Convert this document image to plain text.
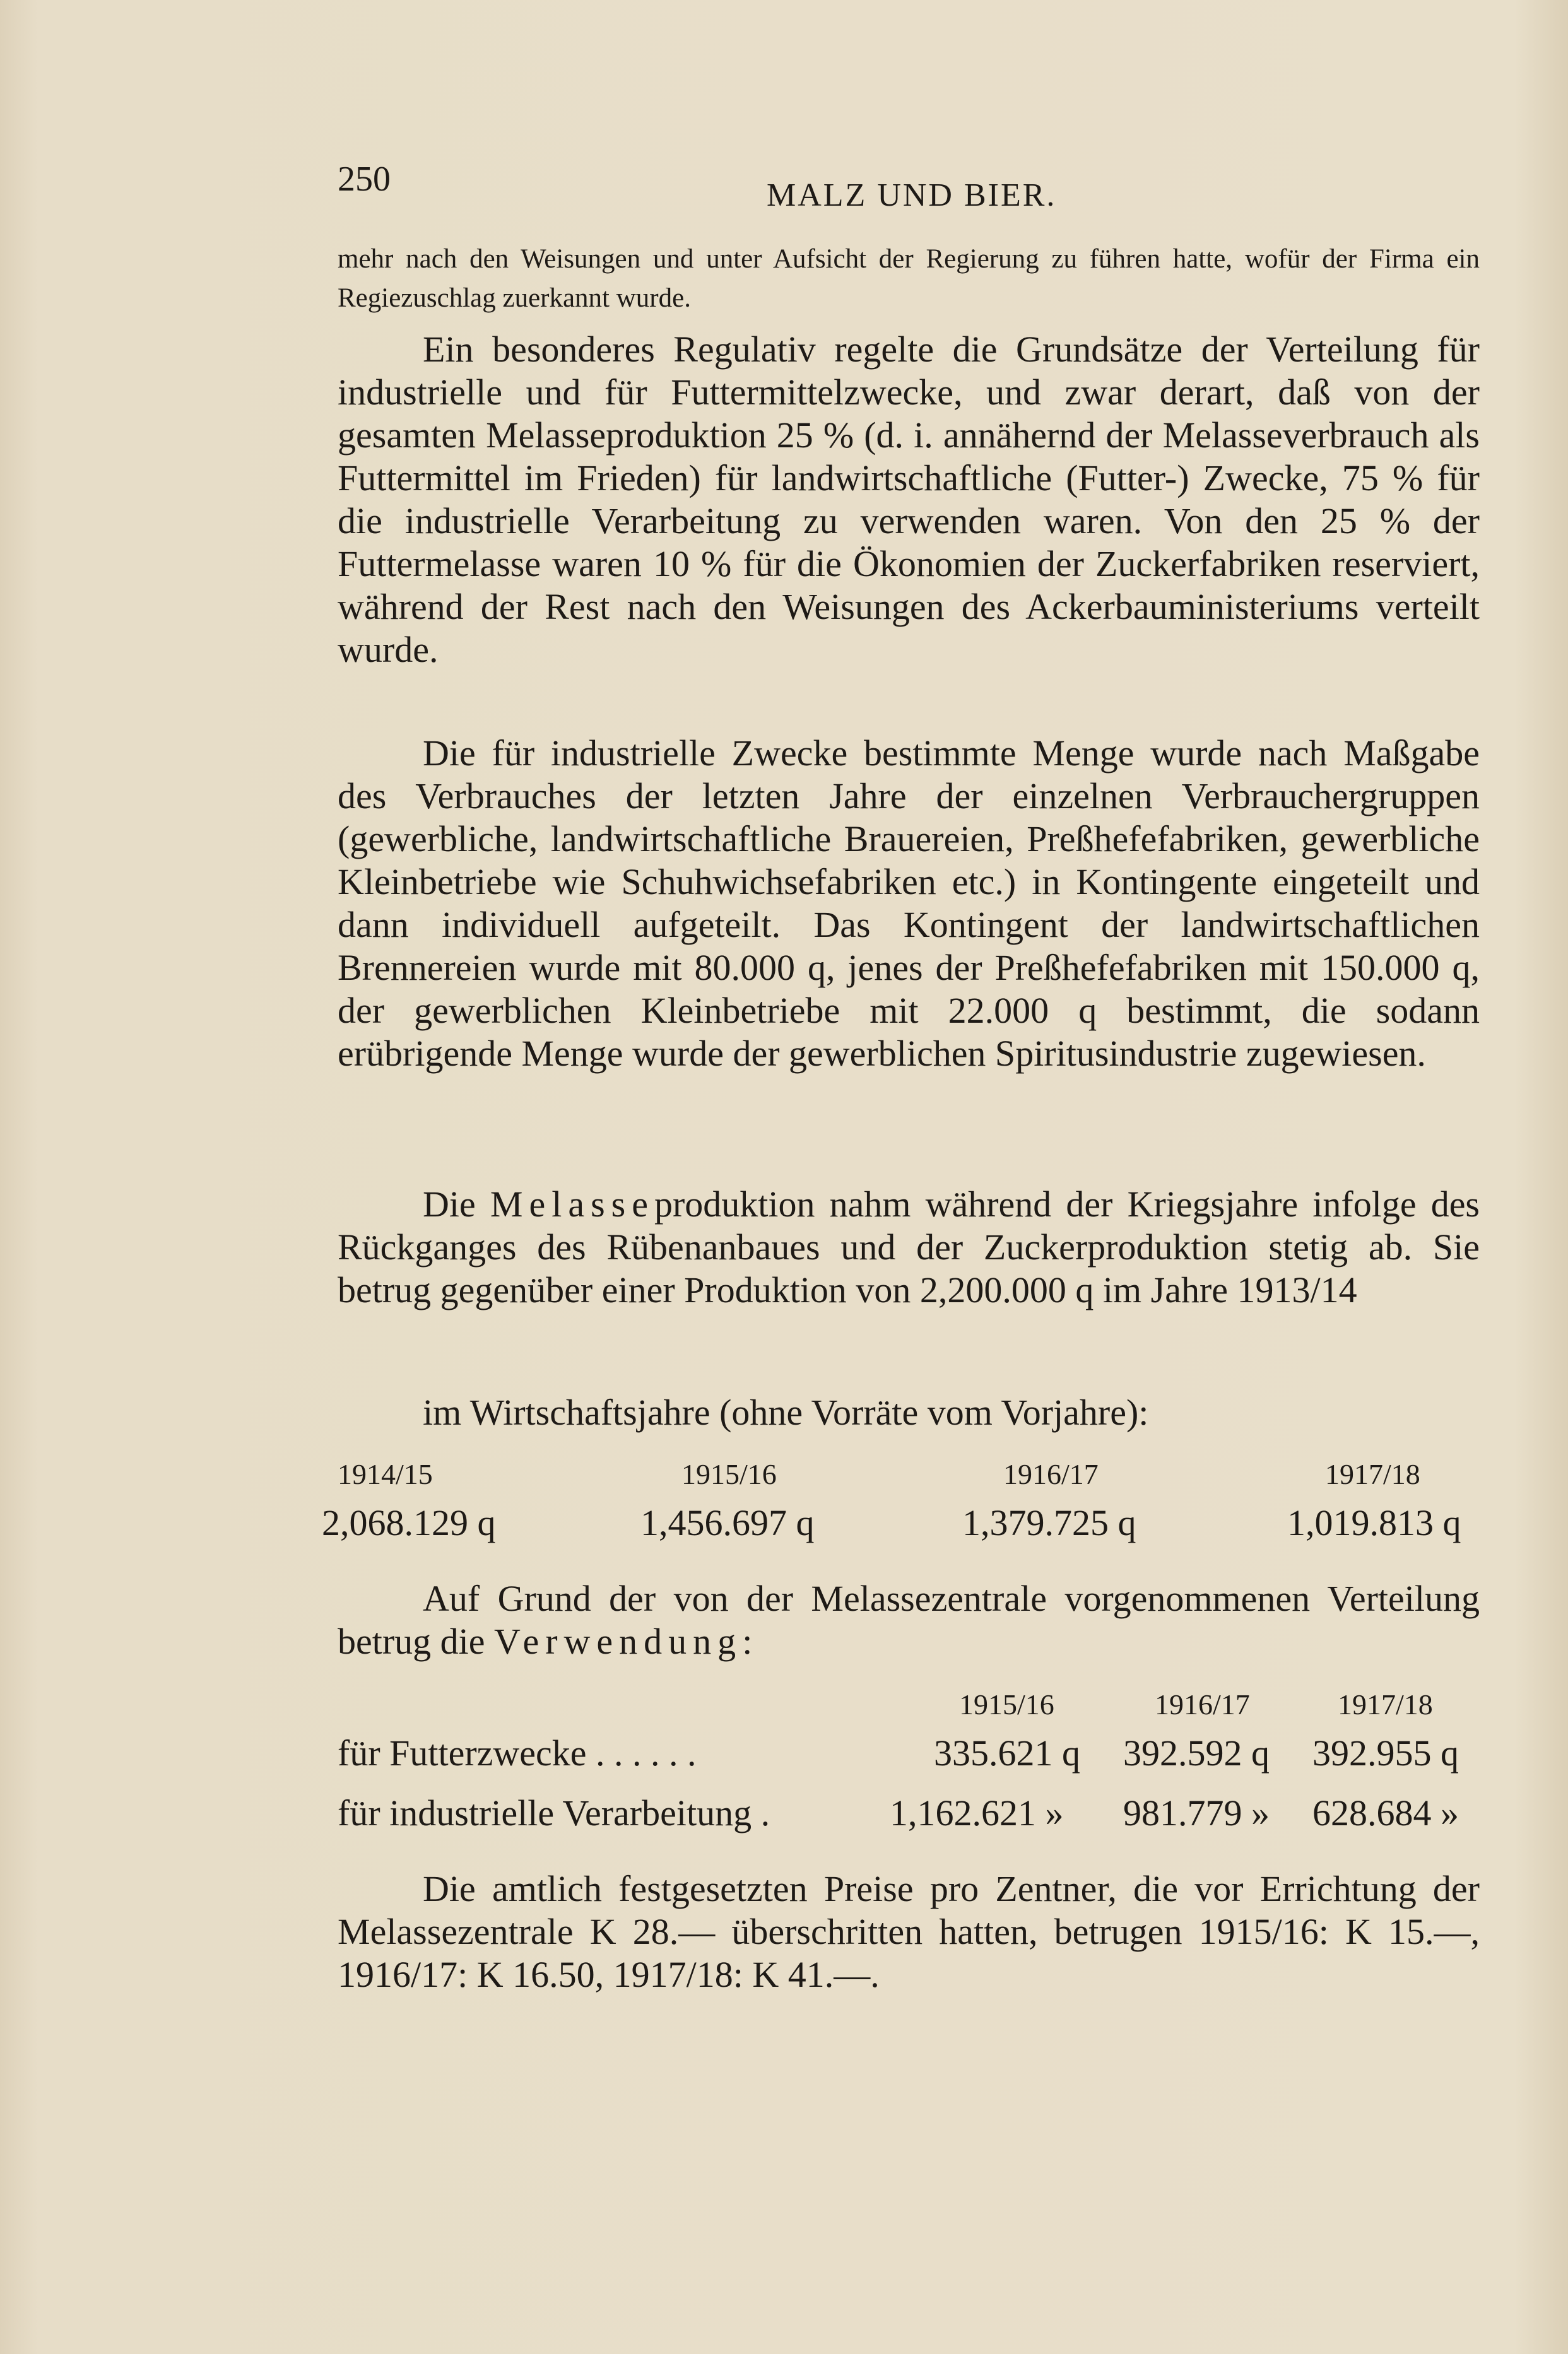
250	MALZ UND BIER.
mehr nach den Weisungen und unter Aufsicht der Regierung zu führen hatte, wofür der Firma ein Regiezuschlag zuerkannt wurde.
Ein besonderes Regulativ regelte die Grundsätze der Verteilung für industrielle und für Futtermittelzwecke, und zwar derart, daß von der gesamten Melasseproduktion 25 % (d. i. annähernd der Melasseverbrauch als Futtermittel im Frieden) für landwirtschaftliche (Futter-) Zwecke, 75 % für die industrielle Verarbeitung zu verwenden waren. Von den 25 % der Futtermelasse waren 10 % für die Ökonomien der Zuckerfabriken reserviert, während der Rest nach den Weisungen des Ackerbauministeriums verteilt wurde.
Die für industrielle Zwecke bestimmte Menge wurde nach Maßgabe des Verbrauches der letzten Jahre der einzelnen Verbrauchergruppen (gewerbliche, landwirtschaftliche Brauereien, Preßhefefabriken, gewerbliche Kleinbetriebe wie Schuhwichsefabriken etc.) in Kontingente eingeteilt und dann individuell aufgeteilt. Das Kontingent der landwirtschaftlichen Brennereien wurde mit 80.000 q, jenes der Preßhefefabriken mit 150.000 q, der gewerblichen Kleinbetriebe mit 22.000 q bestimmt, die sodann erübrigende Menge wurde der gewerblichen Spiritusindustrie zugewiesen.
Die Melasseproduktion nahm während der Kriegsjahre infolge des Rückganges des Rübenanbaues und der Zuckerproduktion stetig ab. Sie betrug gegenüber einer Produktion von 2,200.000 q im Jahre 1913/14
im Wirtschaftsjahre (ohne Vorräte vom Vorjahre):
1914/15	1915/16	1916/17	1917/18
2,068.129 q	1,456.697 q	1,379.725 q	1,019.813 q
Auf Grund der von der Melassezentrale vorgenommenen Verteilung betrug die Verwendung:
1915/16	1916/17	1917/18
für Futterzwecke . . . . . .	335.621 q 392.592 q 392.955 q
für industrielle Verarbeitung .	1,162.621 » 981.779 » 628.684 »
Die amtlich festgesetzten Preise pro Zentner, die vor Errichtung der Melassezentrale K 28.— überschritten hatten, betrugen 1915/16: K 15.—, 1916/17: K 16.50, 1917/18: K 41.—.
